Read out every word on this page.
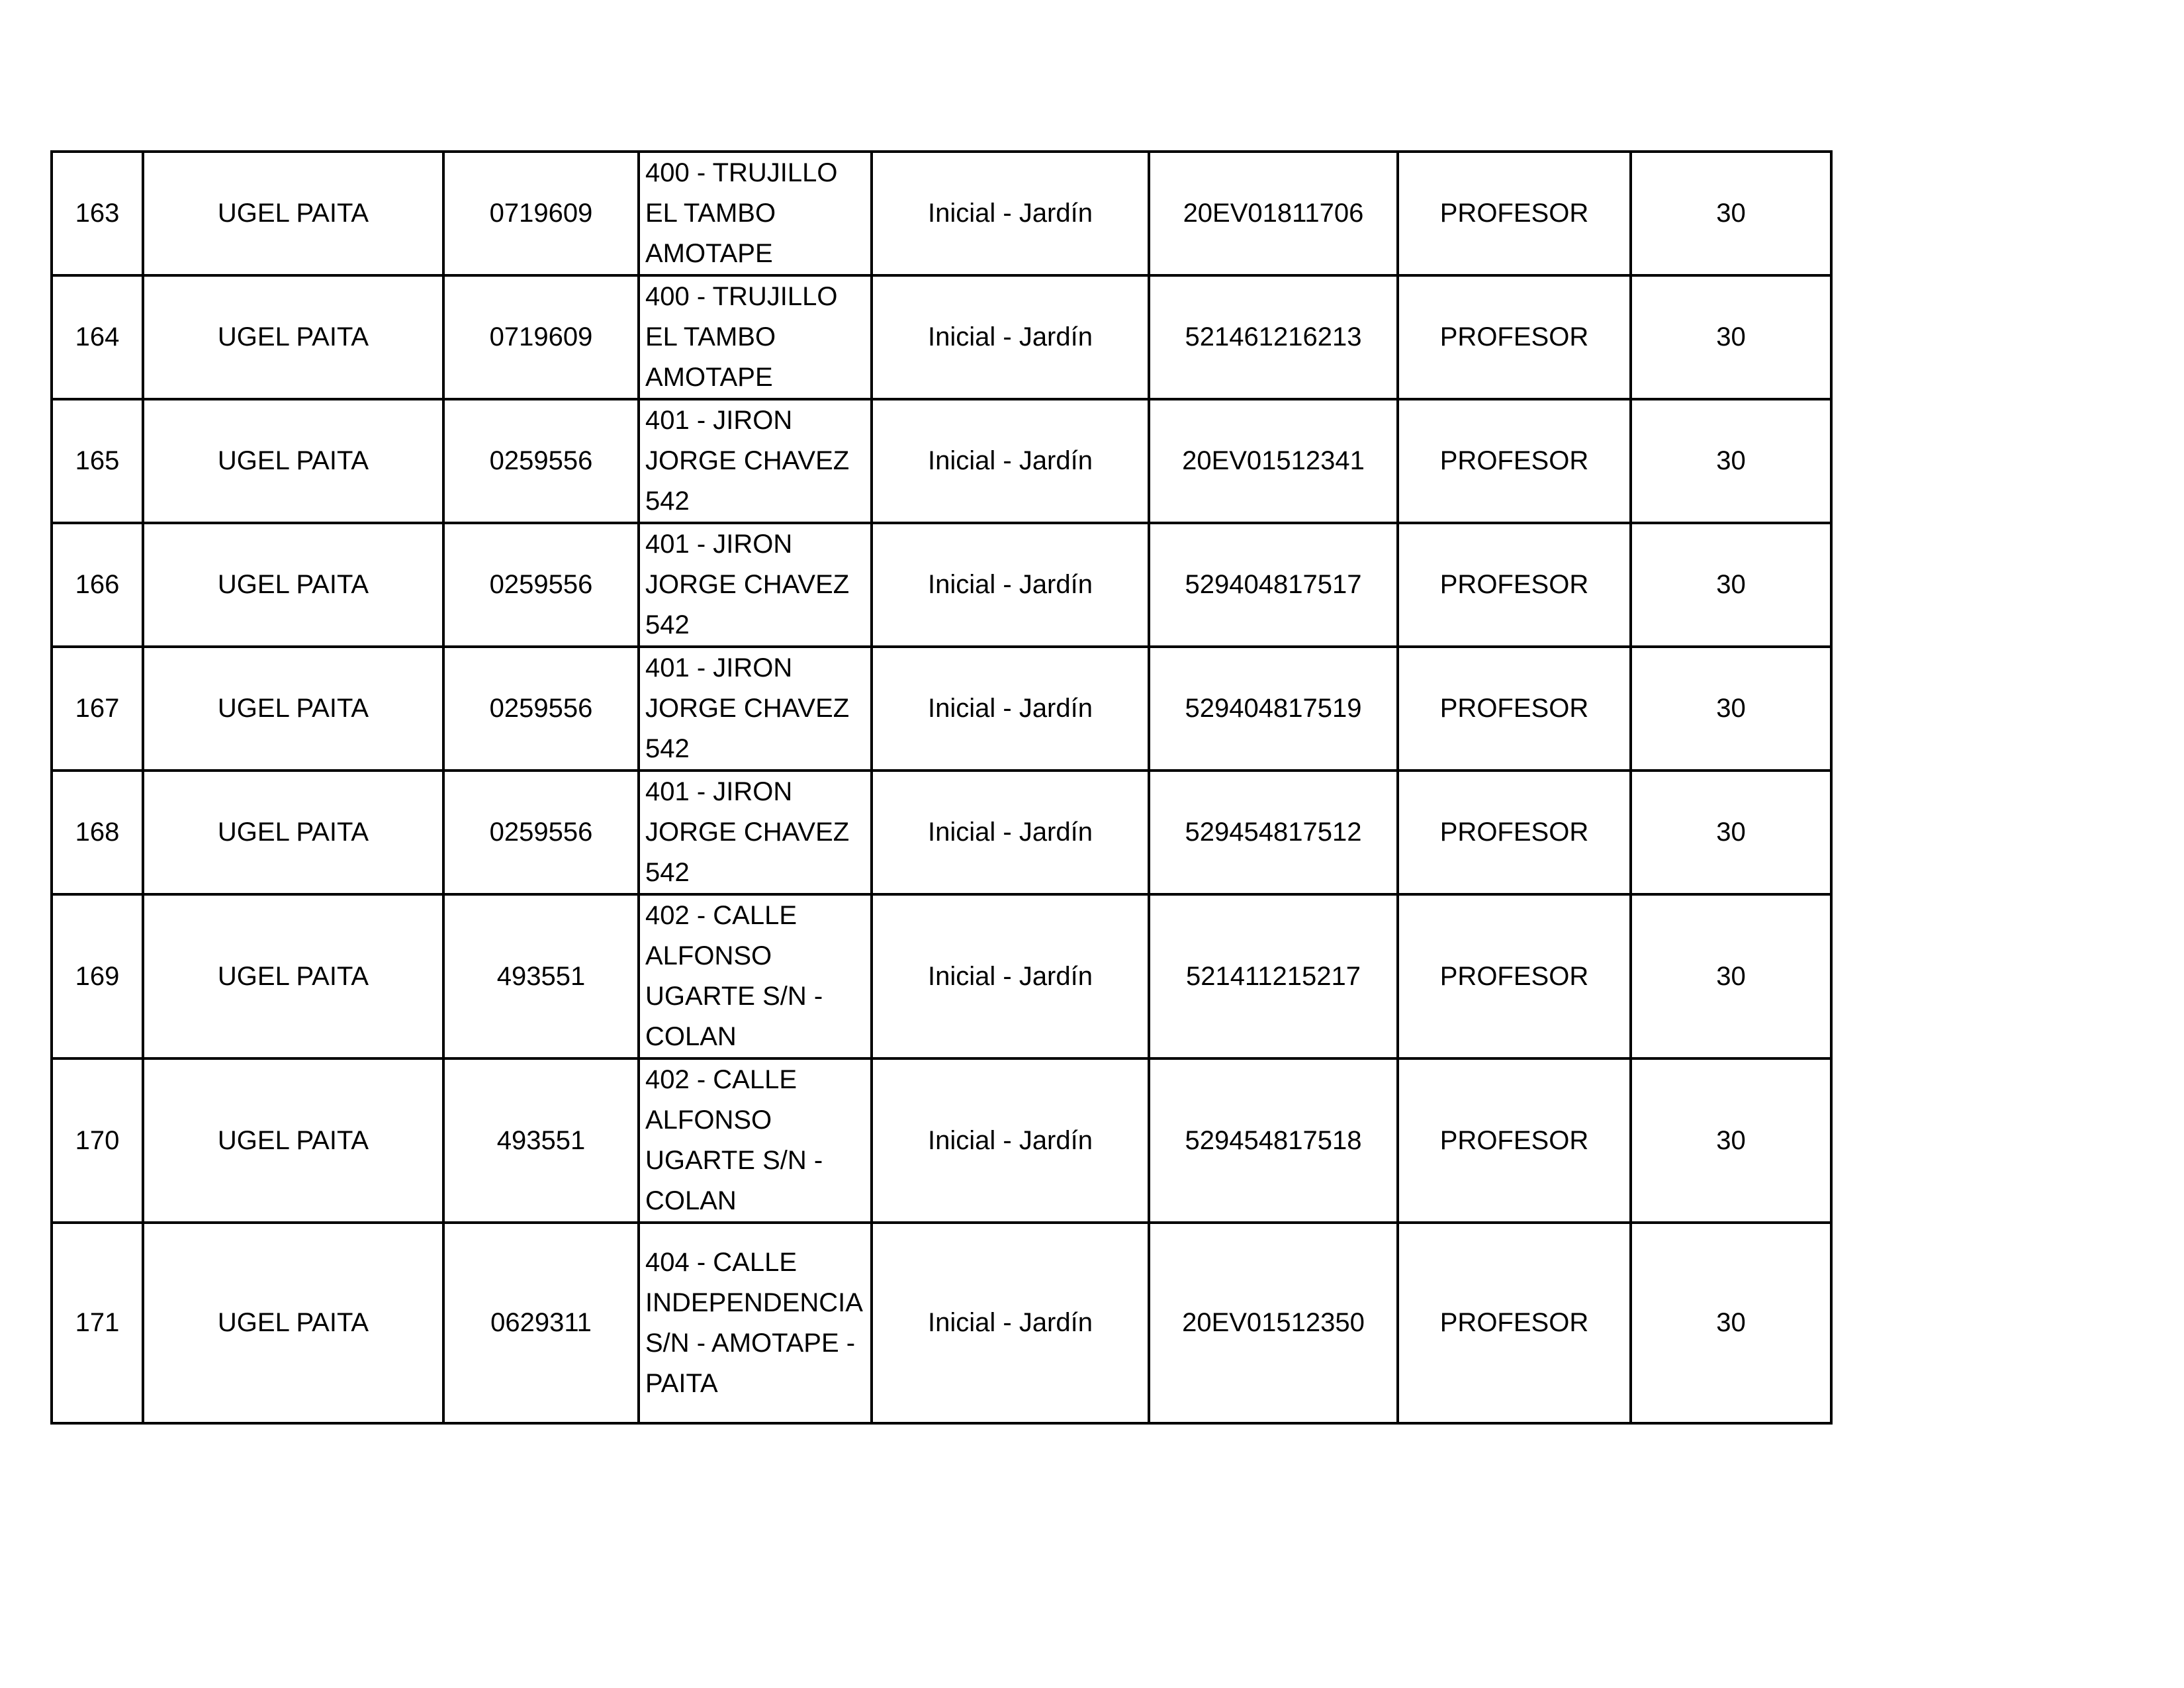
163	UGEL PAITA	0719609	400 - TRUJILLO EL TAMBO AMOTAPE	Inicial - Jardín	20EV01811706	PROFESOR	30
164	UGEL PAITA	0719609	400 - TRUJILLO EL TAMBO AMOTAPE	Inicial - Jardín	521461216213	PROFESOR	30
165	UGEL PAITA	0259556	401 - JIRON JORGE CHAVEZ 542	Inicial - Jardín	20EV01512341	PROFESOR	30
166	UGEL PAITA	0259556	401 - JIRON JORGE CHAVEZ 542	Inicial - Jardín	529404817517	PROFESOR	30
167	UGEL PAITA	0259556	401 - JIRON JORGE CHAVEZ 542	Inicial - Jardín	529404817519	PROFESOR	30
168	UGEL PAITA	0259556	401 - JIRON JORGE CHAVEZ 542	Inicial - Jardín	529454817512	PROFESOR	30
169	UGEL PAITA	493551	402 - CALLE ALFONSO UGARTE S/N - COLAN	Inicial - Jardín	521411215217	PROFESOR	30
170	UGEL PAITA	493551	402 - CALLE ALFONSO UGARTE S/N - COLAN	Inicial - Jardín	529454817518	PROFESOR	30
171	UGEL PAITA	0629311	404 - CALLE INDEPENDENCIA S/N - AMOTAPE - PAITA	Inicial - Jardín	20EV01512350	PROFESOR	30
